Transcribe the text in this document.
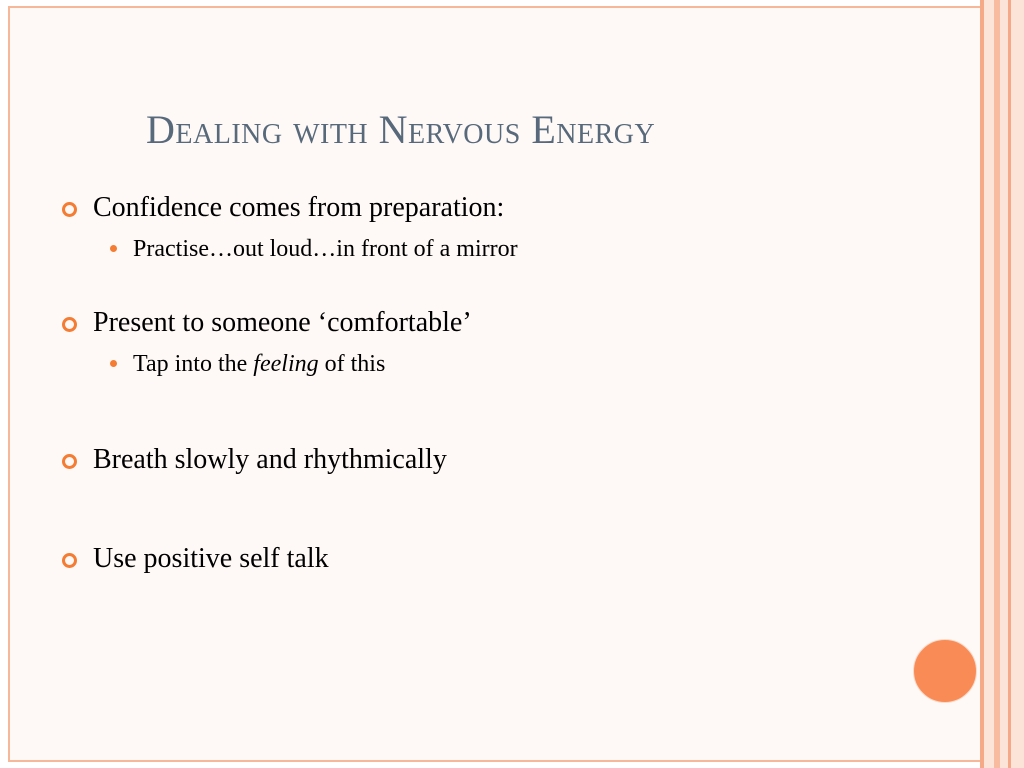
Dealing with Nervous Energy
Confidence comes from preparation:
Practise…out loud…in front of a mirror
Present to someone ‘comfortable’
Tap into the feeling of this
Breath slowly and rhythmically
Use positive self talk
